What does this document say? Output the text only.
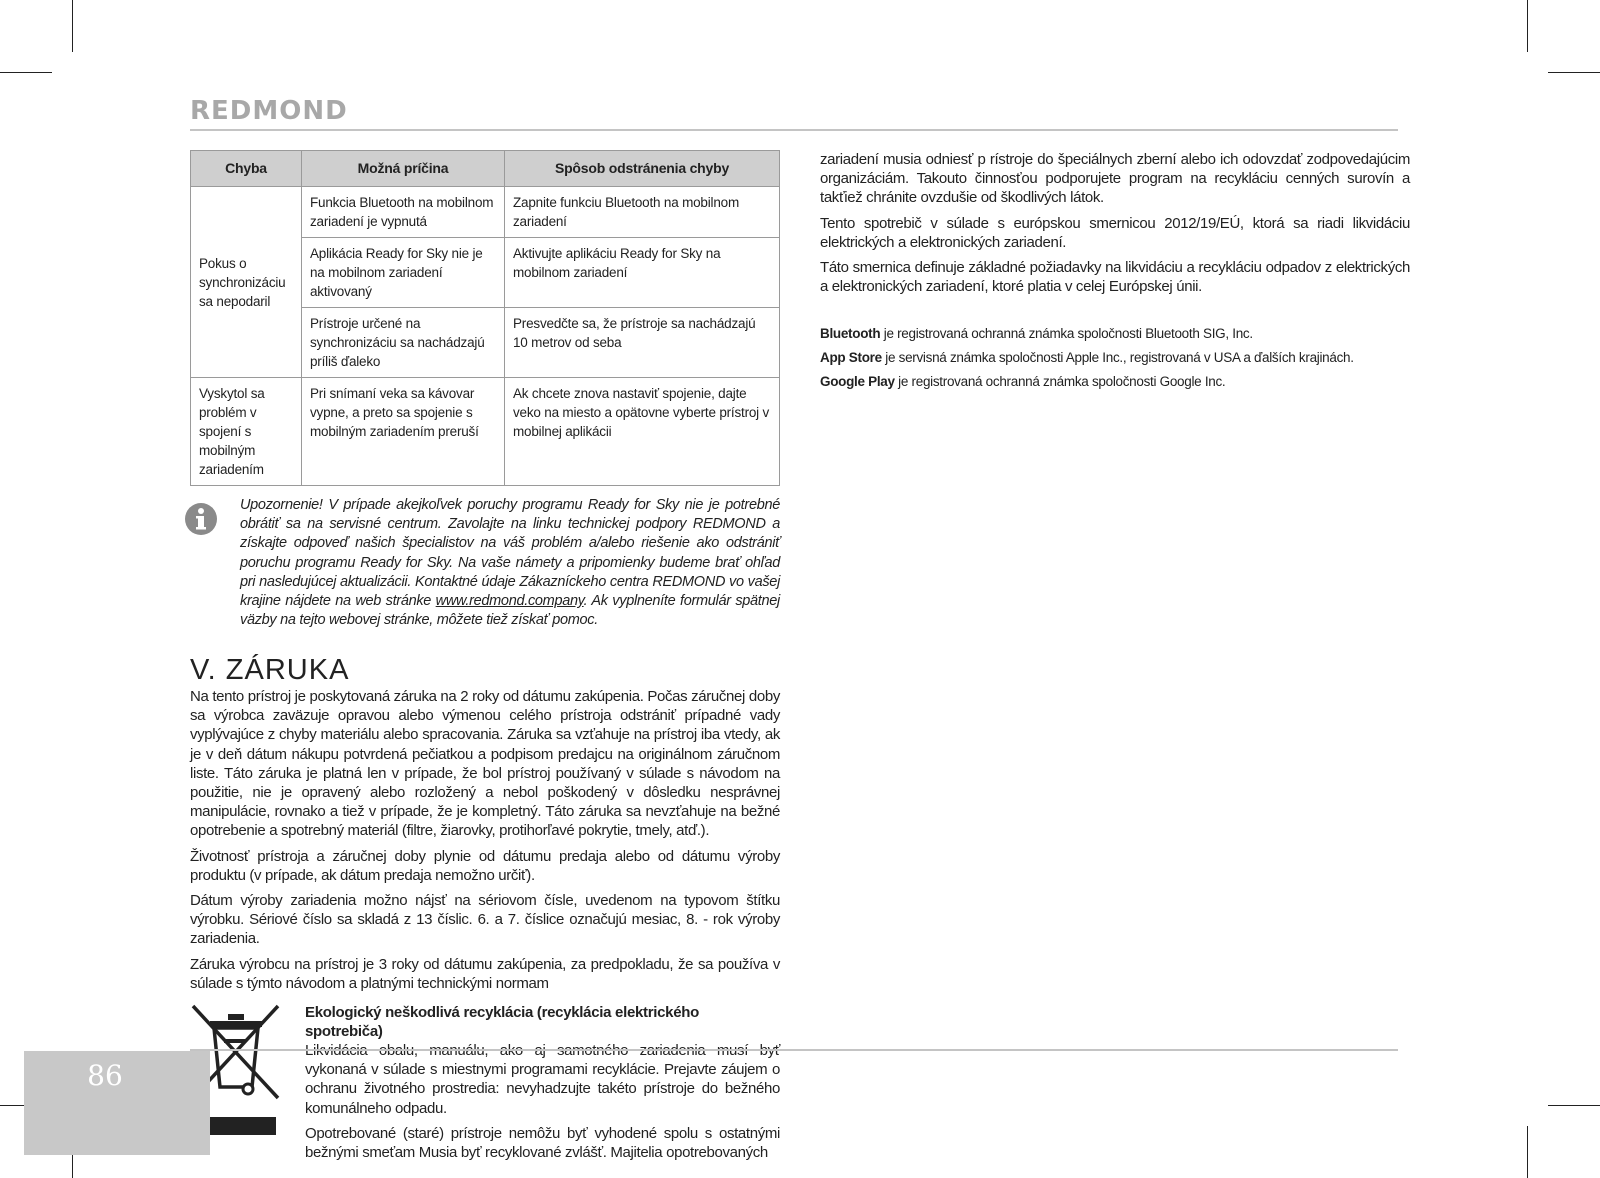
REDMOND
Chyba	Možná príčina	Spôsob odstránenia chyby
Pokus o synchronizáciu sa nepodaril	Funkcia Bluetooth na mobilnom zariadení je vypnutá	Zapnite funkciu Bluetooth na mobilnom zariadení
	Aplikácia Ready for Sky nie je na mobilnom zariadení aktivovaný	Aktivujte aplikáciu Ready for Sky na mobilnom zariadení
	Prístroje určené na synchronizáciu sa nachádzajú príliš ďaleko	Presvedčte sa, že prístroje sa nachádzajú 10 metrov od seba
Vyskytol sa problém v spojení s mobilným zariadením	Pri snímaní veka sa kávovar vypne, a preto sa spojenie s mobilným zariadením preruší	Ak chcete znova nastaviť spojenie, dajte veko na miesto a opätovne vyberte prístroj v mobilnej aplikácii
Upozornenie! V prípade akejkoľvek poruchy programu Ready for Sky nie je potrebné obrátiť sa na servisné centrum. Zavolajte na linku technickej podpory REDMOND a získajte odpoveď našich špecialistov na váš problém a/alebo riešenie ako odstrániť poruchu programu Ready for Sky. Na vaše námety a pripomienky budeme brať ohľad pri nasledujúcej aktualizácii. Kontaktné údaje Zákazníckeho centra REDMOND vo vašej krajine nájdete na web stránke www.redmond.company. Ak vyplneníte formulár spätnej väzby na tejto webovej stránke, môžete tiež získať pomoc.
V. ZÁRUKA

Na tento prístroj je poskytovaná záruka na 2 roky od dátumu zakúpenia. Počas záručnej doby sa výrobca zaväzuje opravou alebo výmenou celého prístroja odstrániť prípadné vady vyplývajúce z chyby materiálu alebo spracovania. Záruka sa vzťahuje na prístroj iba vtedy, ak je v deň dátum nákupu potvrdená pečiatkou a podpisom predajcu na originálnom záručnom liste. Táto záruka je platná len v prípade, že bol prístroj používaný v súlade s návodom na použitie, nie je opravený alebo rozložený a nebol poškodený v dôsledku nesprávnej manipulácie, rovnako a tiež v prípade, že je kompletný. Táto záruka sa nevzťahuje na bežné opotrebenie a spotrebný materiál (filtre, žiarovky, protihorľavé pokrytie, tmely, atď.).

Životnosť prístroja a záručnej doby plynie od dátumu predaja alebo od dátumu výroby produktu (v prípade, ak dátum predaja nemožno určiť).

Dátum výroby zariadenia možno nájsť na sériovom čísle, uvedenom na typovom štítku výrobku. Sériové číslo sa skladá z 13 číslic. 6. a 7. číslice označujú mesiac, 8. - rok výroby zariadenia.

Záruka výrobcu na prístroj je 3 roky od dátumu zakúpenia, za predpokladu, že sa používa v súlade s týmto návodom a platnými technickými normam

Ekologický neškodlivá recyklácia (recyklácia elektrického spotrebiča)

vykonaná v súlade s miestnymi programami recyklácie. Prejavte záujem o ochranu životného prostredia: nevyhadzujte takéto prístroje do bežného komunálneho odpadu.

Opotrebované (staré) prístroje nemôžu byť vyhodené spolu s ostatnými bežnými smeťam Musia byť recyklované zvlášť. Majitelia opotrebovaných

zariadení musia odniesť p rístroje do špeciálnych zberní alebo ich odovzdať zodpovedajúcim organizáciám. Takouto činnosťou podporujete program na recykláciu cenných surovín a takťiež chránite ovzdušie od škodlivých látok.

Tento spotrebič v súlade s európskou smernicou 2012/19/EÚ, ktorá sa riadi likvidáciu elektrických a elektronických zariadení.

Táto smernica definuje základné požiadavky na likvidáciu a recykláciu odpadov z elektrických a elektronických zariadení, ktoré platia v celej Európskej únii.

Bluetooth je registrovaná ochranná známka spoločnosti Bluetooth SIG, Inc.

App Store je servisná známka spoločnosti Apple Inc., registrovaná v USA a ďalších krajinách.

Google Play je registrovaná ochranná známka spoločnosti Google Inc.

86
